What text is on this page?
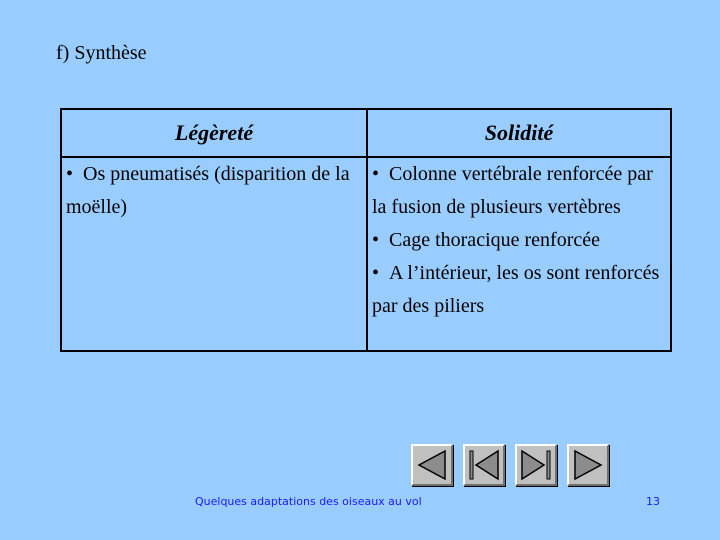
f) Synthèse
Légèreté	Solidité
• Os pneumatisés (disparition de la moëlle)
• Colonne vertébrale renforcée par la fusion de plusieurs vertèbres
• Cage thoracique renforcée
• A l’intérieur, les os sont renforcés par des piliers
Quelques adaptations des oiseaux au vol	13
